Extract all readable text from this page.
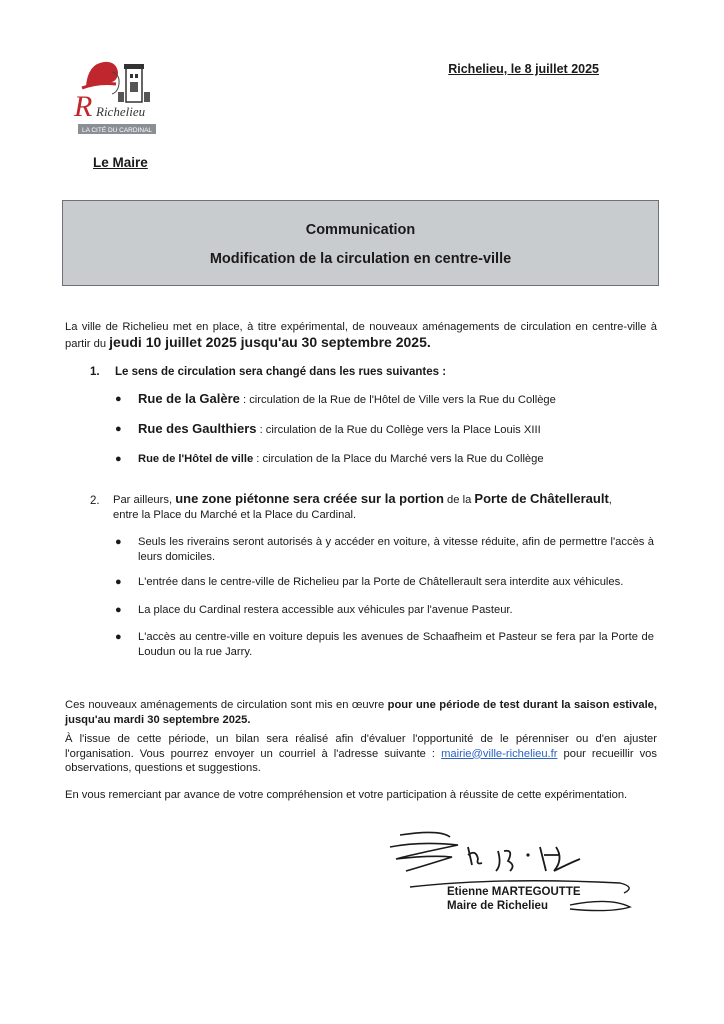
R Richelieu
LA CITÉ DU CARDINAL
Richelieu, le 8 juillet 2025
Le Maire
Communication
Modification de la circulation en centre-ville
La ville de Richelieu met en place, à titre expérimental, de nouveaux aménagements de circulation en centre-ville à partir du jeudi 10 juillet 2025 jusqu'au 30 septembre 2025.
1. Le sens de circulation sera changé dans les rues suivantes :
● Rue de la Galère : circulation de la Rue de l'Hôtel de Ville vers la Rue du Collège
● Rue des Gaulthiers : circulation de la Rue du Collège vers la Place Louis XIII
● Rue de l'Hôtel de ville : circulation de la Place du Marché vers la Rue du Collège
2. Par ailleurs, une zone piétonne sera créée sur la portion de la Porte de Châtellerault,
entre la Place du Marché et la Place du Cardinal.
● Seuls les riverains seront autorisés à y accéder en voiture, à vitesse réduite, afin de permettre l'accès à leurs domiciles.
● L'entrée dans le centre-ville de Richelieu par la Porte de Châtellerault sera interdite aux véhicules.
● La place du Cardinal restera accessible aux véhicules par l'avenue Pasteur.
● L'accès au centre-ville en voiture depuis les avenues de Schaafheim et Pasteur se fera par la Porte de Loudun ou la rue Jarry.
Ces nouveaux aménagements de circulation sont mis en œuvre pour une période de test durant la saison estivale, jusqu'au mardi 30 septembre 2025.
À l'issue de cette période, un bilan sera réalisé afin d'évaluer l'opportunité de le pérenniser ou d'en ajuster l'organisation. Vous pourrez envoyer un courriel à l'adresse suivante : mairie@ville-richelieu.fr pour recueillir vos observations, questions et suggestions.
En vous remerciant par avance de votre compréhension et votre participation à réussite de cette expérimentation.
Etienne MARTEGOUTTE
Maire de Richelieu
